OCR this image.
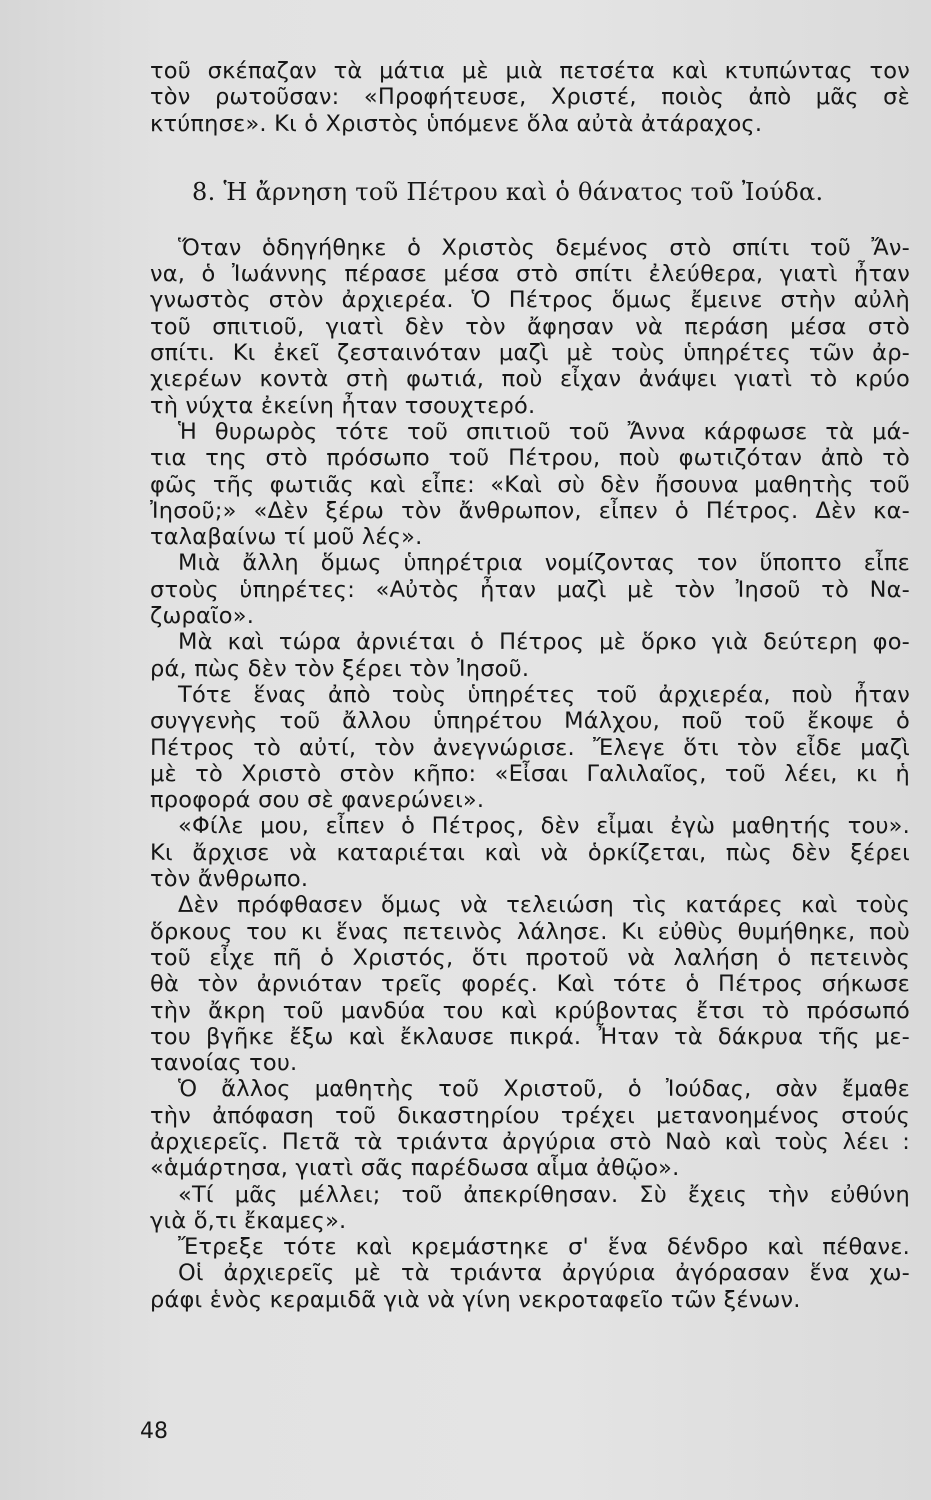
τοῦ σκέπαζαν τὰ μάτια μὲ μιὰ πετσέτα καὶ κτυπώντας τον
τὸν ρωτοῦσαν: «Προφήτευσε, Χριστέ, ποιὸς ἀπὸ μᾶς σὲ
κτύπησε». Κι ὁ Χριστὸς ὑπόμενε ὅλα αὐτὰ ἀτάραχος.
8. Ἡ ἄρνηση τοῦ Πέτρου καὶ ὁ θάνατος τοῦ Ἰούδα.
Ὅταν ὁδηγήθηκε ὁ Χριστὸς δεμένος στὸ σπίτι τοῦ Ἄν-
να, ὁ Ἰωάννης πέρασε μέσα στὸ σπίτι ἐλεύθερα, γιατὶ ἦταν
γνωστὸς στὸν ἀρχιερέα. Ὁ Πέτρος ὅμως ἔμεινε στὴν αὐλὴ
τοῦ σπιτιοῦ, γιατὶ δὲν τὸν ἄφησαν νὰ περάση μέσα στὸ
σπίτι. Κι ἐκεῖ ζεσταινόταν μαζὶ μὲ τοὺς ὑπηρέτες τῶν ἀρ-
χιερέων κοντὰ στὴ φωτιά, ποὺ εἶχαν ἀνάψει γιατὶ τὸ κρύο
τὴ νύχτα ἐκείνη ἦταν τσουχτερό.
Ἡ θυρωρὸς τότε τοῦ σπιτιοῦ τοῦ Ἄννα κάρφωσε τὰ μά-
τια της στὸ πρόσωπο τοῦ Πέτρου, ποὺ φωτιζόταν ἀπὸ τὸ
φῶς τῆς φωτιᾶς καὶ εἶπε: «Καὶ σὺ δὲν ἤσουνα μαθητὴς τοῦ
Ἰησοῦ;» «Δὲν ξέρω τὸν ἄνθρωπον, εἶπεν ὁ Πέτρος. Δὲν κα-
ταλαβαίνω τί μοῦ λές».
Μιὰ ἄλλη ὅμως ὑπηρέτρια νομίζοντας τον ὕποπτο εἶπε
στοὺς ὑπηρέτες: «Αὐτὸς ἦταν μαζὶ μὲ τὸν Ἰησοῦ τὸ Να-
ζωραῖο».
Μὰ καὶ τώρα ἀρνιέται ὁ Πέτρος μὲ ὅρκο γιὰ δεύτερη φο-
ρά, πὼς δὲν τὸν ξέρει τὸν Ἰησοῦ.
Τότε ἕνας ἀπὸ τοὺς ὑπηρέτες τοῦ ἀρχιερέα, ποὺ ἦταν
συγγενὴς τοῦ ἄλλου ὑπηρέτου Μάλχου, ποῦ τοῦ ἔκοψε ὁ
Πέτρος τὸ αὐτί, τὸν ἀνεγνώρισε. Ἔλεγε ὅτι τὸν εἶδε μαζὶ
μὲ τὸ Χριστὸ στὸν κῆπο: «Εἶσαι Γαλιλαῖος, τοῦ λέει, κι ἡ
προφορά σου σὲ φανερώνει».
«Φίλε μου, εἶπεν ὁ Πέτρος, δὲν εἶμαι ἐγὼ μαθητής του».
Κι ἄρχισε νὰ καταριέται καὶ νὰ ὁρκίζεται, πὼς δὲν ξέρει
τὸν ἄνθρωπο.
Δὲν πρόφθασεν ὅμως νὰ τελειώση τὶς κατάρες καὶ τοὺς
ὅρκους του κι ἕνας πετεινὸς λάλησε. Κι εὐθὺς θυμήθηκε, ποὺ
τοῦ εἶχε πῆ ὁ Χριστός, ὅτι προτοῦ νὰ λαλήση ὁ πετεινὸς
θὰ τὸν ἀρνιόταν τρεῖς φορές. Καὶ τότε ὁ Πέτρος σήκωσε
τὴν ἄκρη τοῦ μανδύα του καὶ κρύβοντας ἔτσι τὸ πρόσωπό
του βγῆκε ἔξω καὶ ἔκλαυσε πικρά. Ἦταν τὰ δάκρυα τῆς με-
τανοίας του.
Ὁ ἄλλος μαθητὴς τοῦ Χριστοῦ, ὁ Ἰούδας, σὰν ἔμαθε
τὴν ἀπόφαση τοῦ δικαστηρίου τρέχει μετανοημένος στούς
ἀρχιερεῖς. Πετᾶ τὰ τριάντα ἀργύρια στὸ Ναὸ καὶ τοὺς λέει :
«ἁμάρτησα, γιατὶ σᾶς παρέδωσα αἷμα ἀθῷο».
«Τί μᾶς μέλλει; τοῦ ἀπεκρίθησαν. Σὺ ἔχεις τὴν εὐθύνη
γιὰ ὅ,τι ἔκαμες».
Ἔτρεξε τότε καὶ κρεμάστηκε σ' ἕνα δένδρο καὶ πέθανε.
Οἱ ἀρχιερεῖς μὲ τὰ τριάντα ἀργύρια ἀγόρασαν ἕνα χω-
ράφι ἑνὸς κεραμιδᾶ γιὰ νὰ γίνη νεκροταφεῖο τῶν ξένων.
48
